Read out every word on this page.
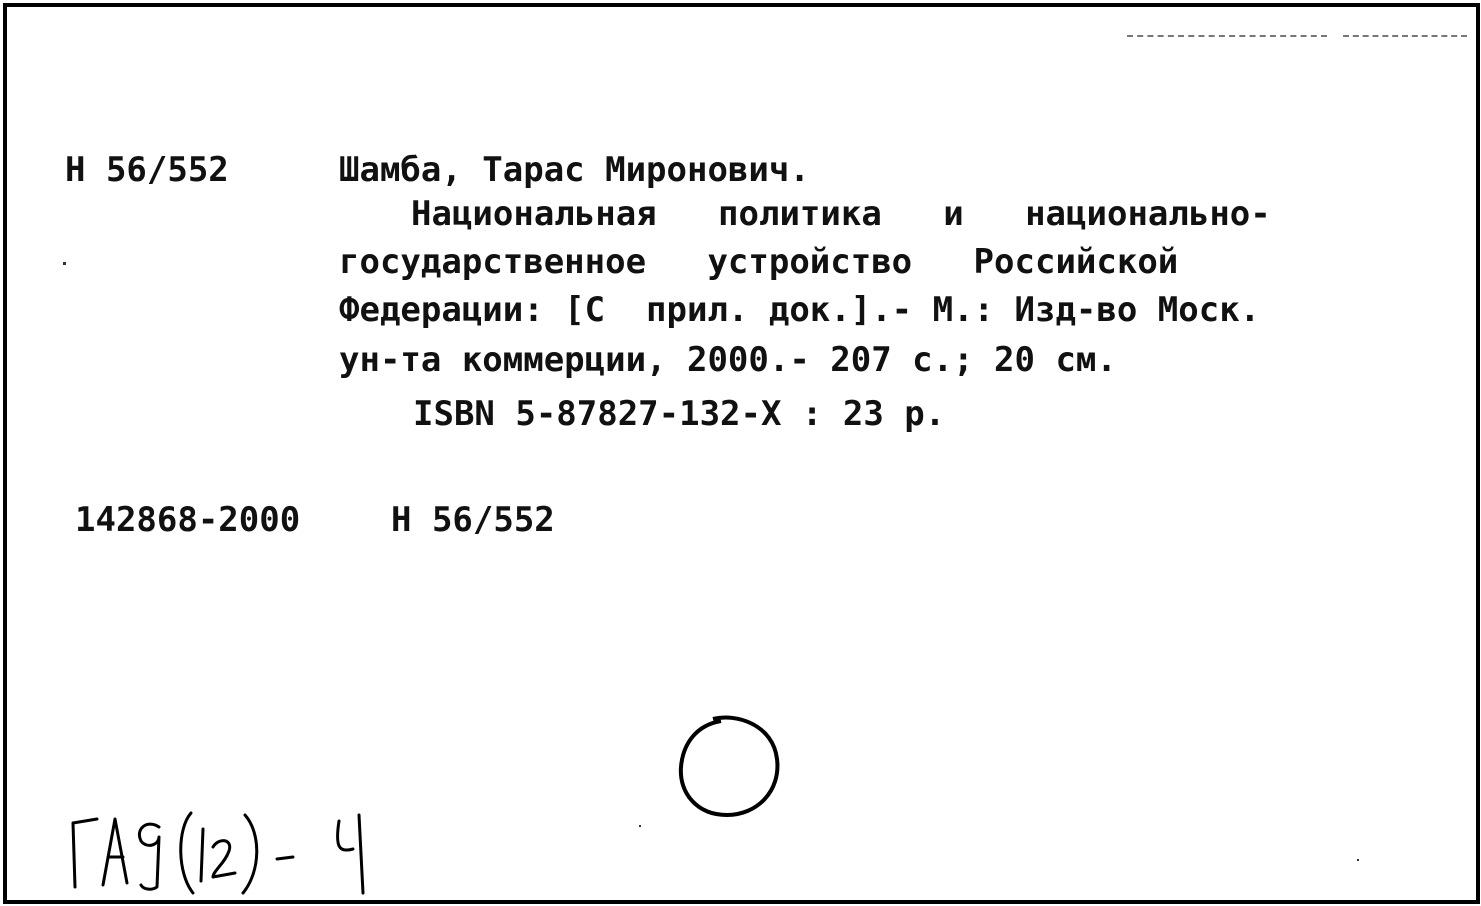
Н 56/552	Шамба, Тарас Миронович.
Национальная   политика   и   национально-
государственное   устройство   Российской
Федерации: [С  прил. док.].- М.: Изд-во Моск.
ун-та коммерции, 2000.- 207 с.; 20 см.
ISBN 5-87827-132-X : 23 р.
142868-2000	Н 56/552
